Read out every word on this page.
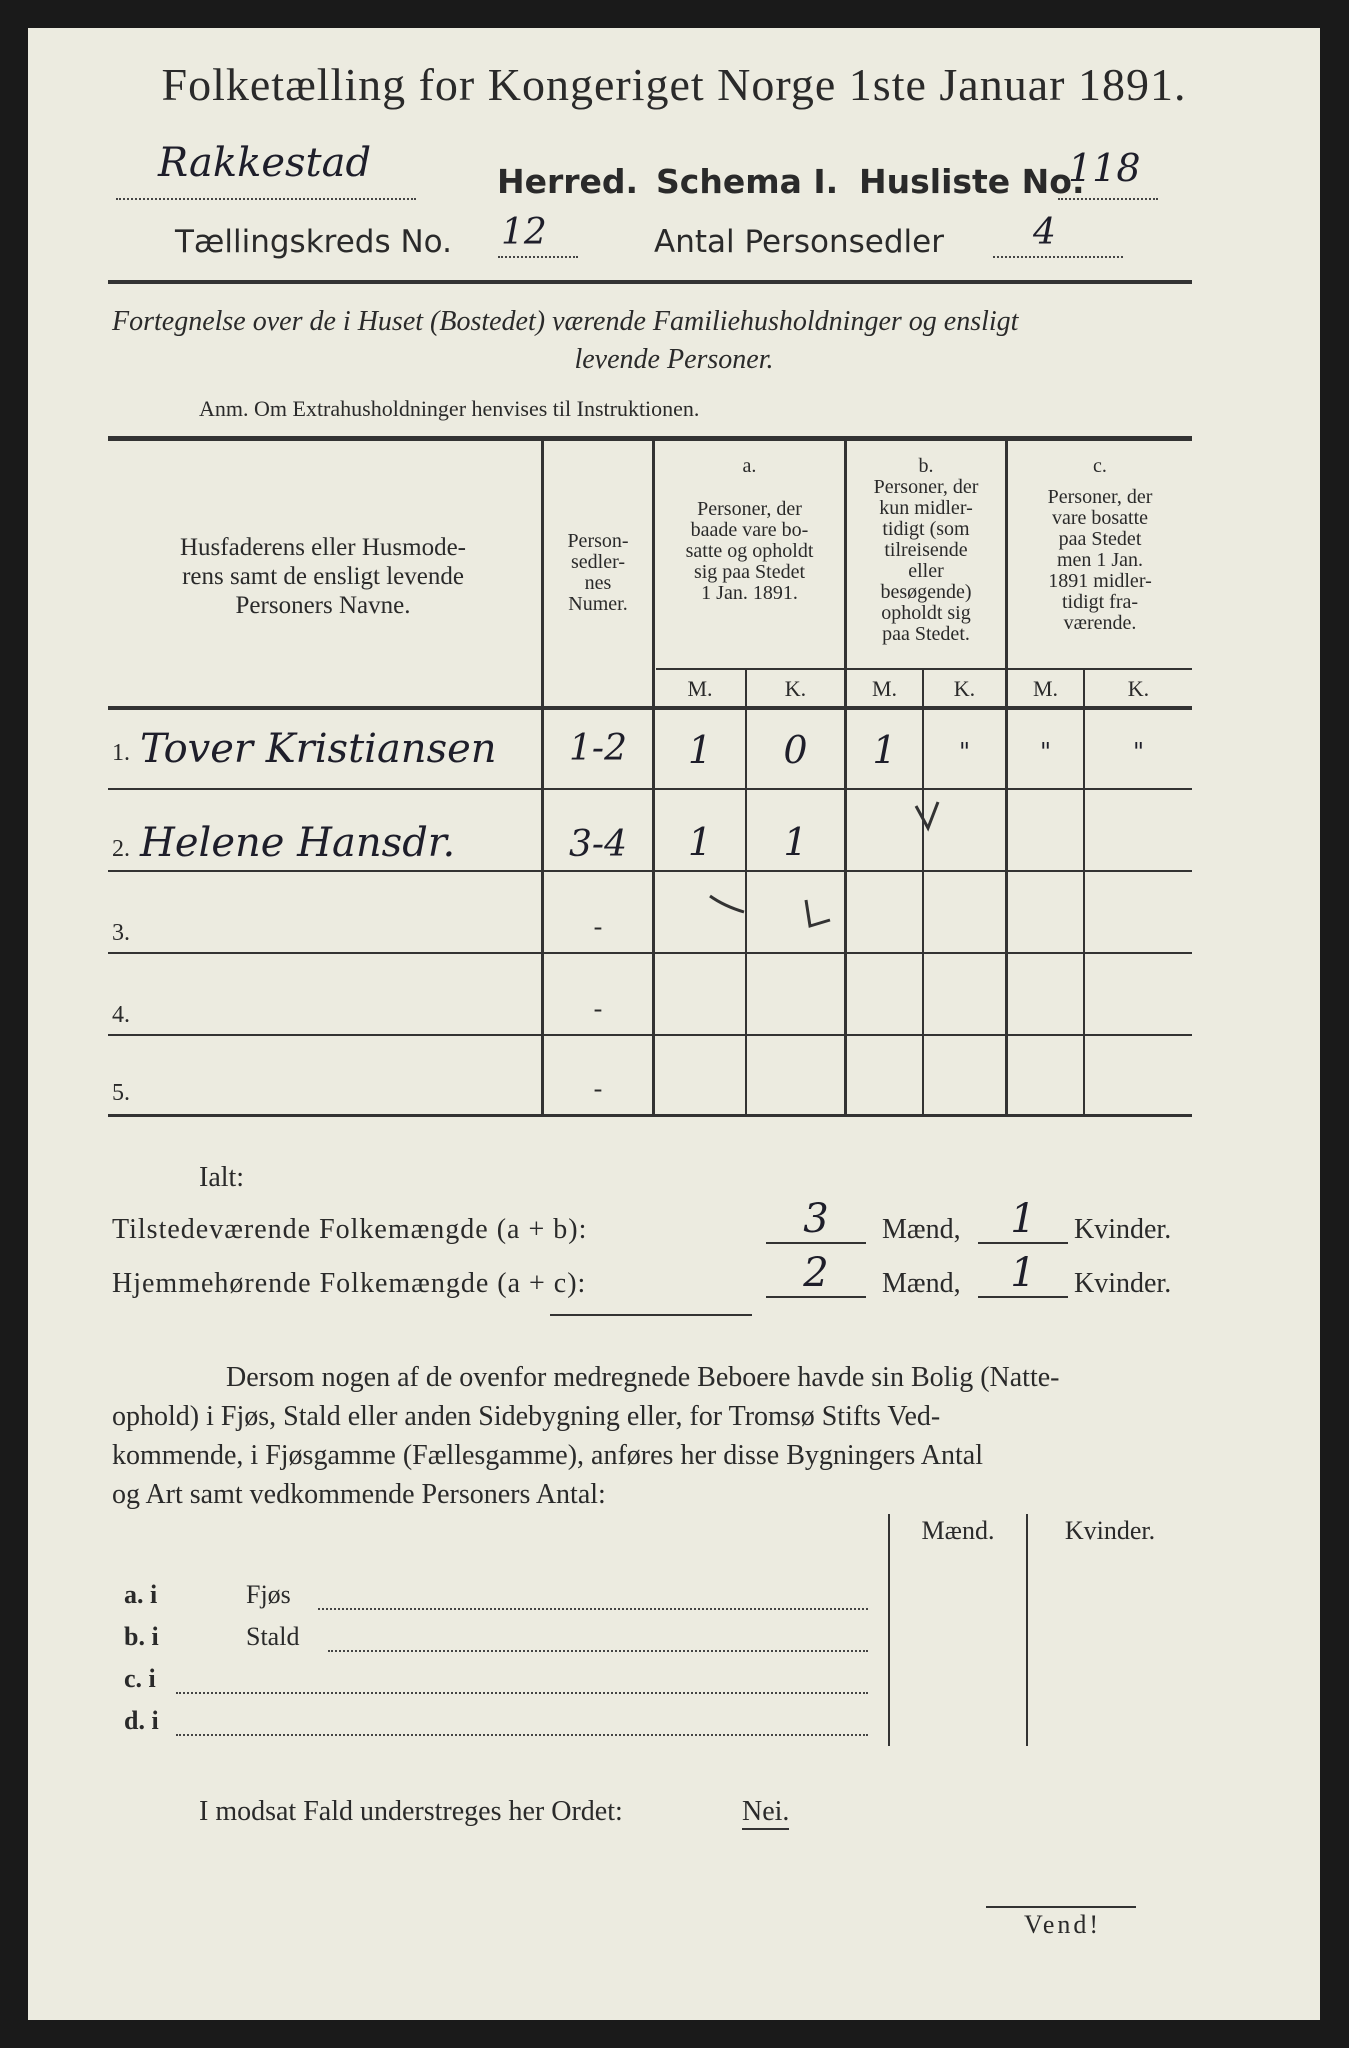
Folketælling for Kongeriget Norge 1ste Januar 1891.
Rakkestad	Herred. Schema I. Husliste No.
118
Tællingskreds No. 12	Antal Personsedler 4
Fortegnelse over de i Huset (Bostedet) værende Familiehusholdninger og ensligt
levende Personer.
Anm. Om Extrahusholdninger henvises til Instruktionen.
Husfaderens eller Husmode-
rens samt de ensligt levende
Personers Navne.
Person-
sedler-
nes
Numer.
a.
Personer, der
baade vare bo-
satte og opholdt
sig paa Stedet
1 Jan. 1891.
b.
Personer, der
kun midler-
tidigt (som
tilreisende
eller
besøgende)
opholdt sig
paa Stedet.
c.
Personer, der
vare bosatte
paa Stedet
men 1 Jan.
1891 midler-
tidigt fra-
værende.
M.	K.	M.	K.	M.	K.
1. Tover Kristiansen	1-2	1	0	1	"	"	"
2. Helene Hansdr.	3-4	1	1
3.	-
4.	-
5.	-
Ialt:
Tilstedeværende Folkemængde (a + b):	3	Mænd,	1	Kvinder.
Hjemmehørende Folkemængde (a + c):	2	Mænd,	1	Kvinder.
Dersom nogen af de ovenfor medregnede Beboere havde sin Bolig (Natte-
ophold) i Fjøs, Stald eller anden Sidebygning eller, for Tromsø Stifts Ved-
kommende, i Fjøsgamme (Fællesgamme), anføres her disse Bygningers Antal
og Art samt vedkommende Personers Antal:
Mænd.	Kvinder.
a. i	Fjøs
b. i	Stald
c. i
d. i
I modsat Fald understreges her Ordet:	Nei.
Vend!
